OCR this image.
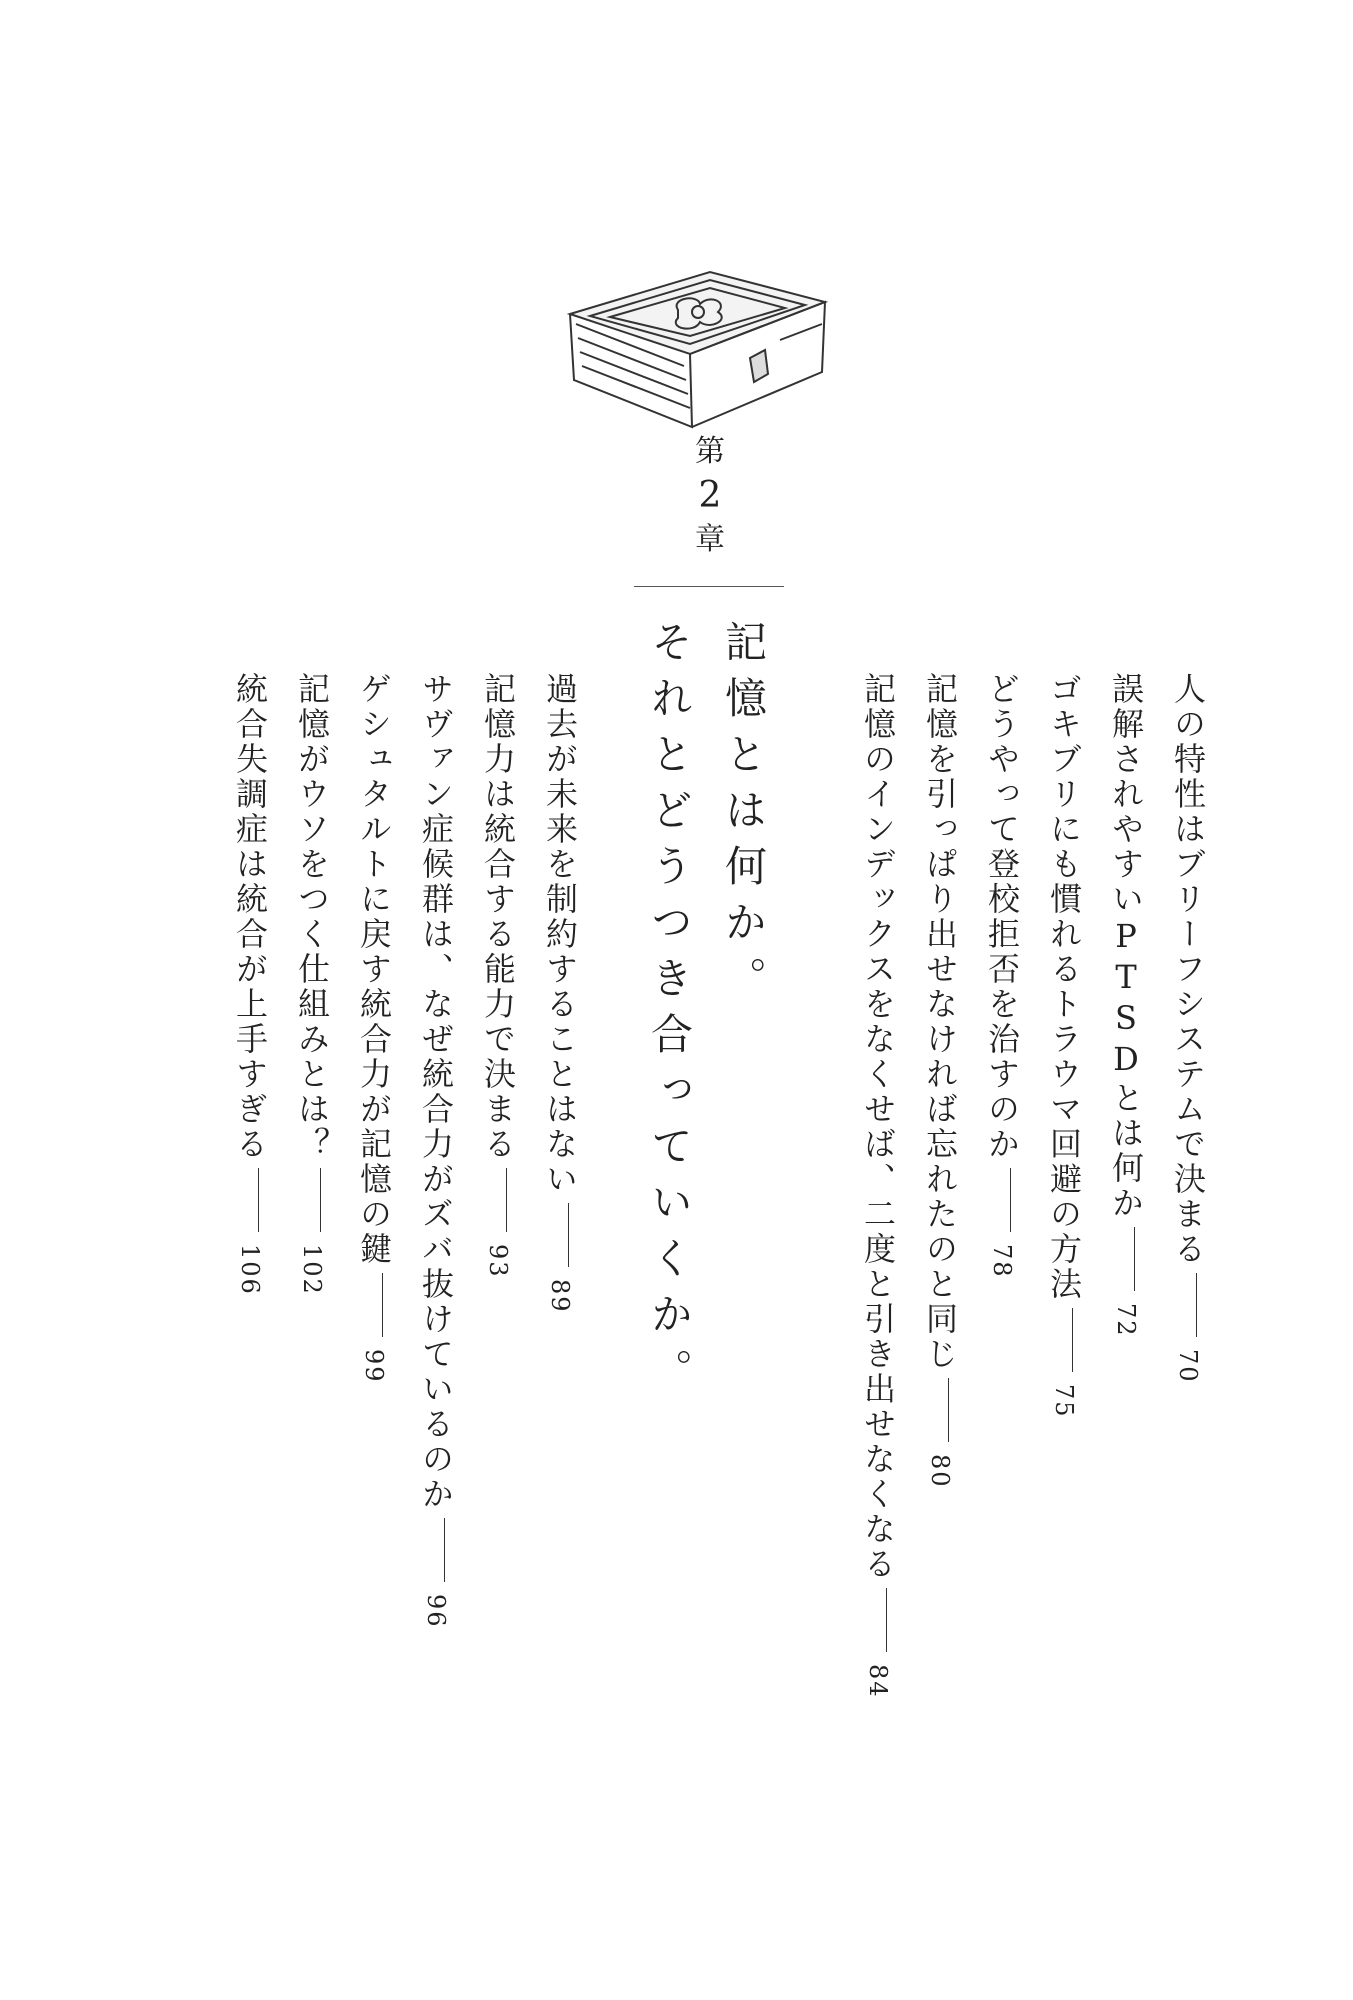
第
2
章
記憶とは何か。
それとどうつき合っていくか。	人の特性はブリーフシステムで決まる70
誤解されやすいPTSDとは何か72
ゴキブリにも慣れるトラウマ回避の方法75
どうやって登校拒否を治すのか78
記憶を引っぱり出せなければ忘れたのと同じ80
記憶のインデックスをなくせば、二度と引き出せなくなる84
過去が未来を制約することはない89
記憶力は統合する能力で決まる93
サヴァン症候群は、なぜ統合力がズバ抜けているのか96
ゲシュタルトに戻す統合力が記憶の鍵99
記憶がウソをつく仕組みとは？102
統合失調症は統合が上手すぎる106
